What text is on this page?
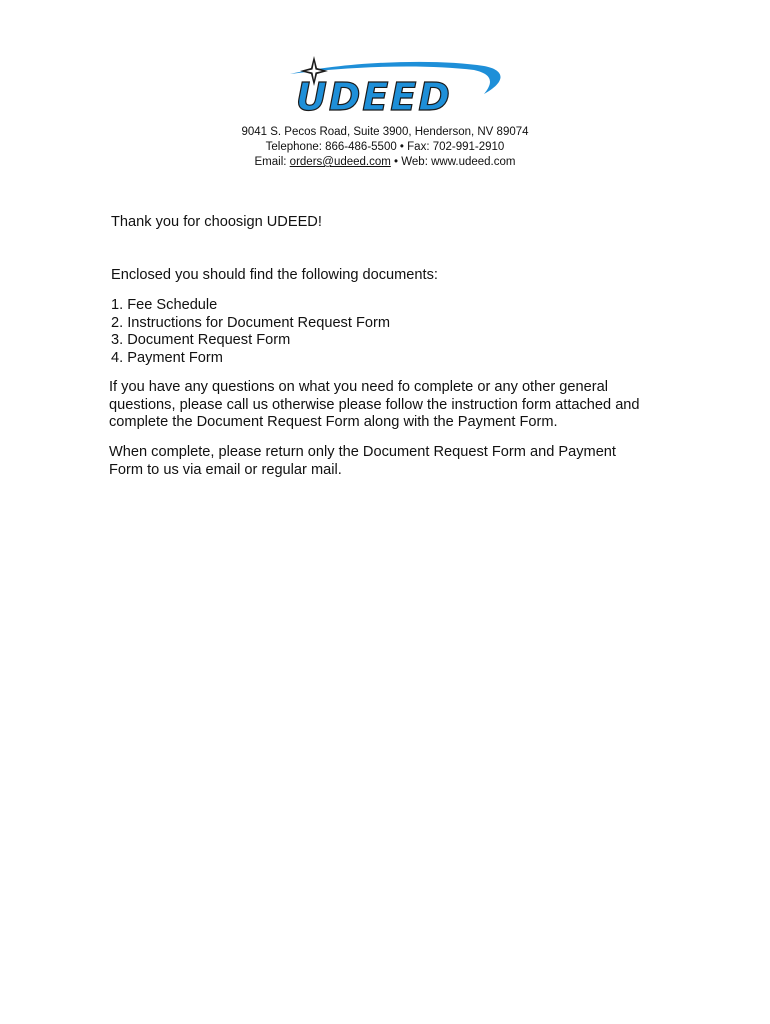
UDEED
9041 S. Pecos Road, Suite 3900, Henderson, NV 89074
Telephone: 866-486-5500 • Fax: 702-991-2910
Email: orders@udeed.com • Web: www.udeed.com
Thank you for choosign UDEED!
Enclosed you should find the following documents:
1. Fee Schedule
2. Instructions for Document Request Form
3. Document Request Form
4. Payment Form
If you have any questions on what you need fo complete or any other general
questions, please call us otherwise please follow the instruction form attached and
complete the Document Request Form along with the Payment Form.
When complete, please return only the Document Request Form and Payment
Form to us via email or regular mail.
